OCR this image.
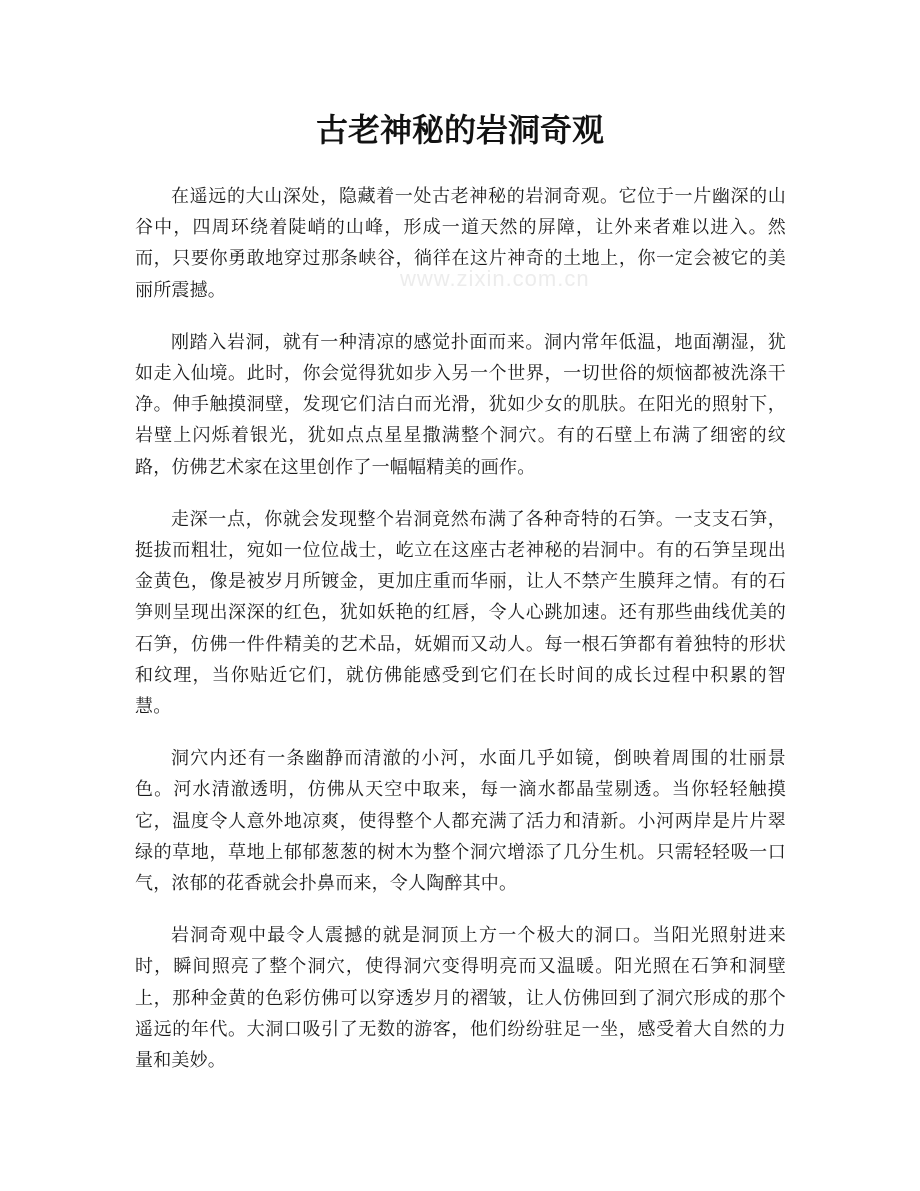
古老神秘的岩洞奇观
www.zixin.com.cn

在遥远的大山深处，隐藏着一处古老神秘的岩洞奇观。它位于一片幽深的山谷中，四周环绕着陡峭的山峰，形成一道天然的屏障，让外来者难以进入。然而，只要你勇敢地穿过那条峡谷，徜徉在这片神奇的土地上，你一定会被它的美丽所震撼。

刚踏入岩洞，就有一种清凉的感觉扑面而来。洞内常年低温，地面潮湿，犹如走入仙境。此时，你会觉得犹如步入另一个世界，一切世俗的烦恼都被洗涤干净。伸手触摸洞壁，发现它们洁白而光滑，犹如少女的肌肤。在阳光的照射下，岩壁上闪烁着银光，犹如点点星星撒满整个洞穴。有的石壁上布满了细密的纹路，仿佛艺术家在这里创作了一幅幅精美的画作。

走深一点，你就会发现整个岩洞竟然布满了各种奇特的石笋。一支支石笋，挺拔而粗壮，宛如一位位战士，屹立在这座古老神秘的岩洞中。有的石笋呈现出金黄色，像是被岁月所镀金，更加庄重而华丽，让人不禁产生膜拜之情。有的石笋则呈现出深深的红色，犹如妖艳的红唇，令人心跳加速。还有那些曲线优美的石笋，仿佛一件件精美的艺术品，妩媚而又动人。每一根石笋都有着独特的形状和纹理，当你贴近它们，就仿佛能感受到它们在长时间的成长过程中积累的智慧。

洞穴内还有一条幽静而清澈的小河，水面几乎如镜，倒映着周围的壮丽景色。河水清澈透明，仿佛从天空中取来，每一滴水都晶莹剔透。当你轻轻触摸它，温度令人意外地凉爽，使得整个人都充满了活力和清新。小河两岸是片片翠绿的草地，草地上郁郁葱葱的树木为整个洞穴增添了几分生机。只需轻轻吸一口气，浓郁的花香就会扑鼻而来，令人陶醉其中。

岩洞奇观中最令人震撼的就是洞顶上方一个极大的洞口。当阳光照射进来时，瞬间照亮了整个洞穴，使得洞穴变得明亮而又温暖。阳光照在石笋和洞壁上，那种金黄的色彩仿佛可以穿透岁月的褶皱，让人仿佛回到了洞穴形成的那个遥远的年代。大洞口吸引了无数的游客，他们纷纷驻足一坐，感受着大自然的力量和美妙。
